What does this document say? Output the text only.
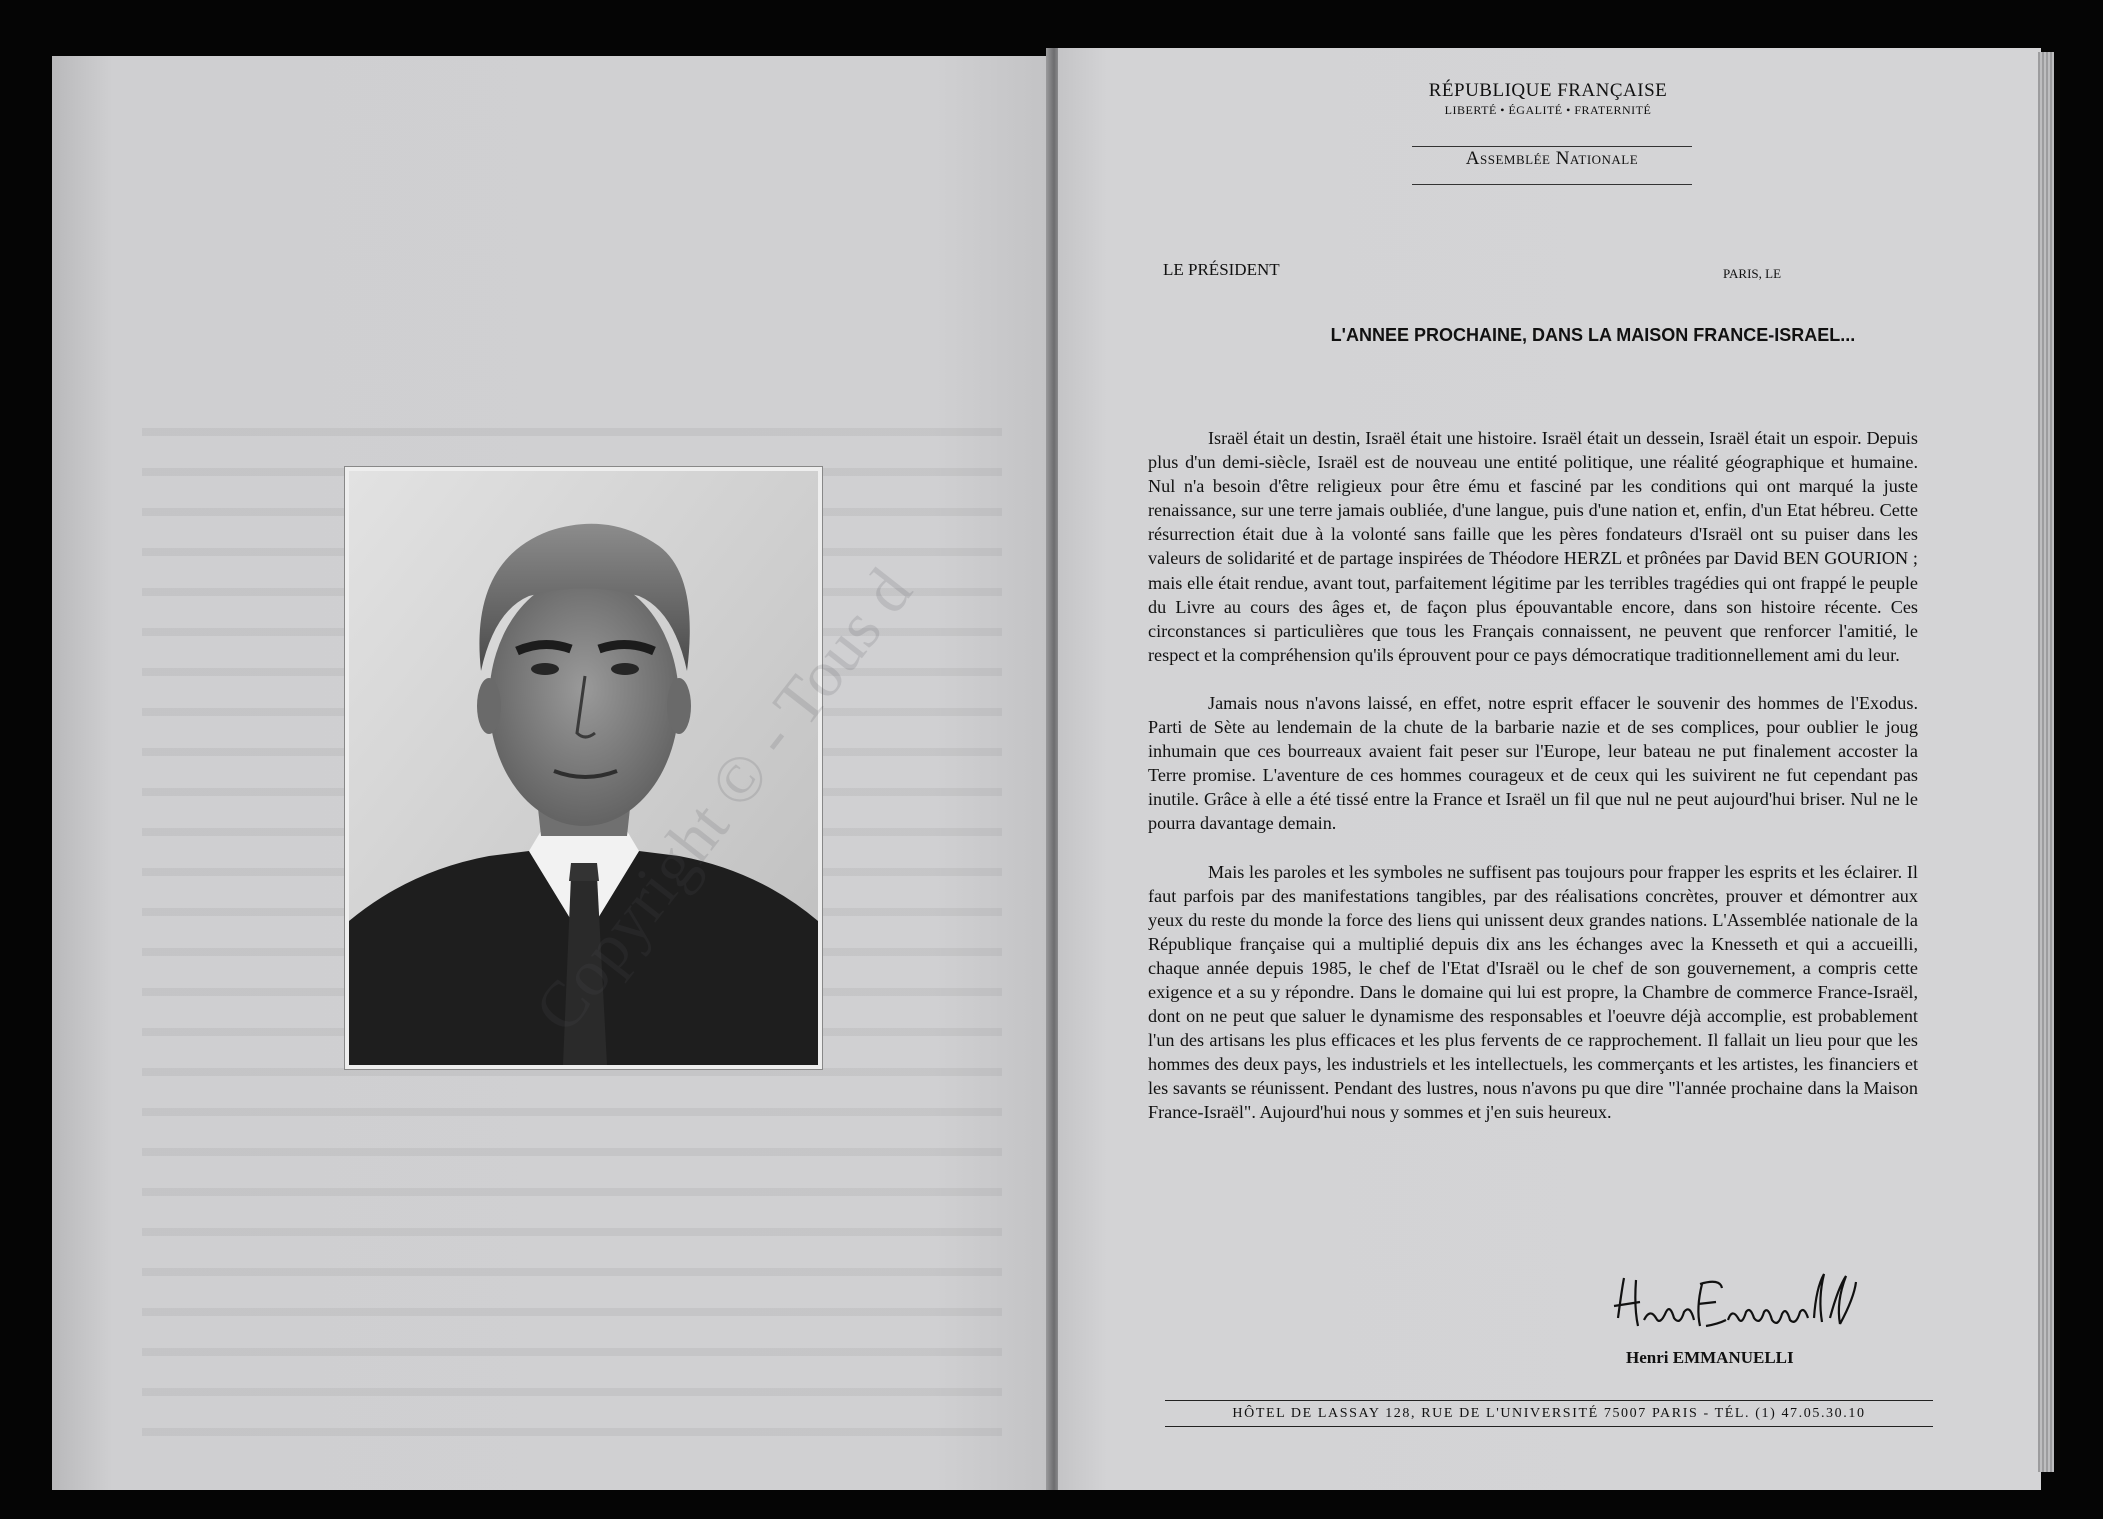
RÉPUBLIQUE FRANÇAISE
LIBERTÉ • ÉGALITÉ • FRATERNITÉ
Assemblée Nationale
LE PRÉSIDENT	PARIS, LE
L'ANNEE PROCHAINE, DANS LA MAISON FRANCE-ISRAEL...

Israël était un destin, Israël était une histoire. Israël était un dessein, Israël était un espoir. Depuis plus d'un demi-siècle, Israël est de nouveau une entité politique, une réalité géographique et humaine. Nul n'a besoin d'être religieux pour être ému et fasciné par les conditions qui ont marqué la juste renaissance, sur une terre jamais oubliée, d'une langue, puis d'une nation et, enfin, d'un Etat hébreu. Cette résurrection était due à la volonté sans faille que les pères fondateurs d'Israël ont su puiser dans les valeurs de solidarité et de partage inspirées de Théodore HERZL et prônées par David BEN GOURION ; mais elle était rendue, avant tout, parfaitement légitime par les terribles tragédies qui ont frappé le peuple du Livre au cours des âges et, de façon plus épouvantable encore, dans son histoire récente. Ces circonstances si particulières que tous les Français connaissent, ne peuvent que renforcer l'amitié, le respect et la compréhension qu'ils éprouvent pour ce pays démocratique traditionnellement ami du leur.

Jamais nous n'avons laissé, en effet, notre esprit effacer le souvenir des hommes de l'Exodus. Parti de Sète au lendemain de la chute de la barbarie nazie et de ses complices, pour oublier le joug inhumain que ces bourreaux avaient fait peser sur l'Europe, leur bateau ne put finalement accoster la Terre promise. L'aventure de ces hommes courageux et de ceux qui les suivirent ne fut cependant pas inutile. Grâce à elle a été tissé entre la France et Israël un fil que nul ne peut aujourd'hui briser. Nul ne le pourra davantage demain.

Mais les paroles et les symboles ne suffisent pas toujours pour frapper les esprits et les éclairer. Il faut parfois par des manifestations tangibles, par des réalisations concrètes, prouver et démontrer aux yeux du reste du monde la force des liens qui unissent deux grandes nations. L'Assemblée nationale de la République française qui a multiplié depuis dix ans les échanges avec la Knesseth et qui a accueilli, chaque année depuis 1985, le chef de l'Etat d'Israël ou le chef de son gouvernement, a compris cette exigence et a su y répondre. Dans le domaine qui lui est propre, la Chambre de commerce France-Israël, dont on ne peut que saluer le dynamisme des responsables et l'oeuvre déjà accomplie, est probablement l'un des artisans les plus efficaces et les plus fervents de ce rapprochement. Il fallait un lieu pour que les hommes des deux pays, les industriels et les intellectuels, les commerçants et les artistes, les financiers et les savants se réunissent. Pendant des lustres, nous n'avons pu que dire "l'année prochaine dans la Maison France-Israël". Aujourd'hui nous y sommes et j'en suis heureux.

Henri EMMANUELLI
HÔTEL DE LASSAY 128, RUE DE L'UNIVERSITÉ 75007 PARIS - TÉL. (1) 47.05.30.10
